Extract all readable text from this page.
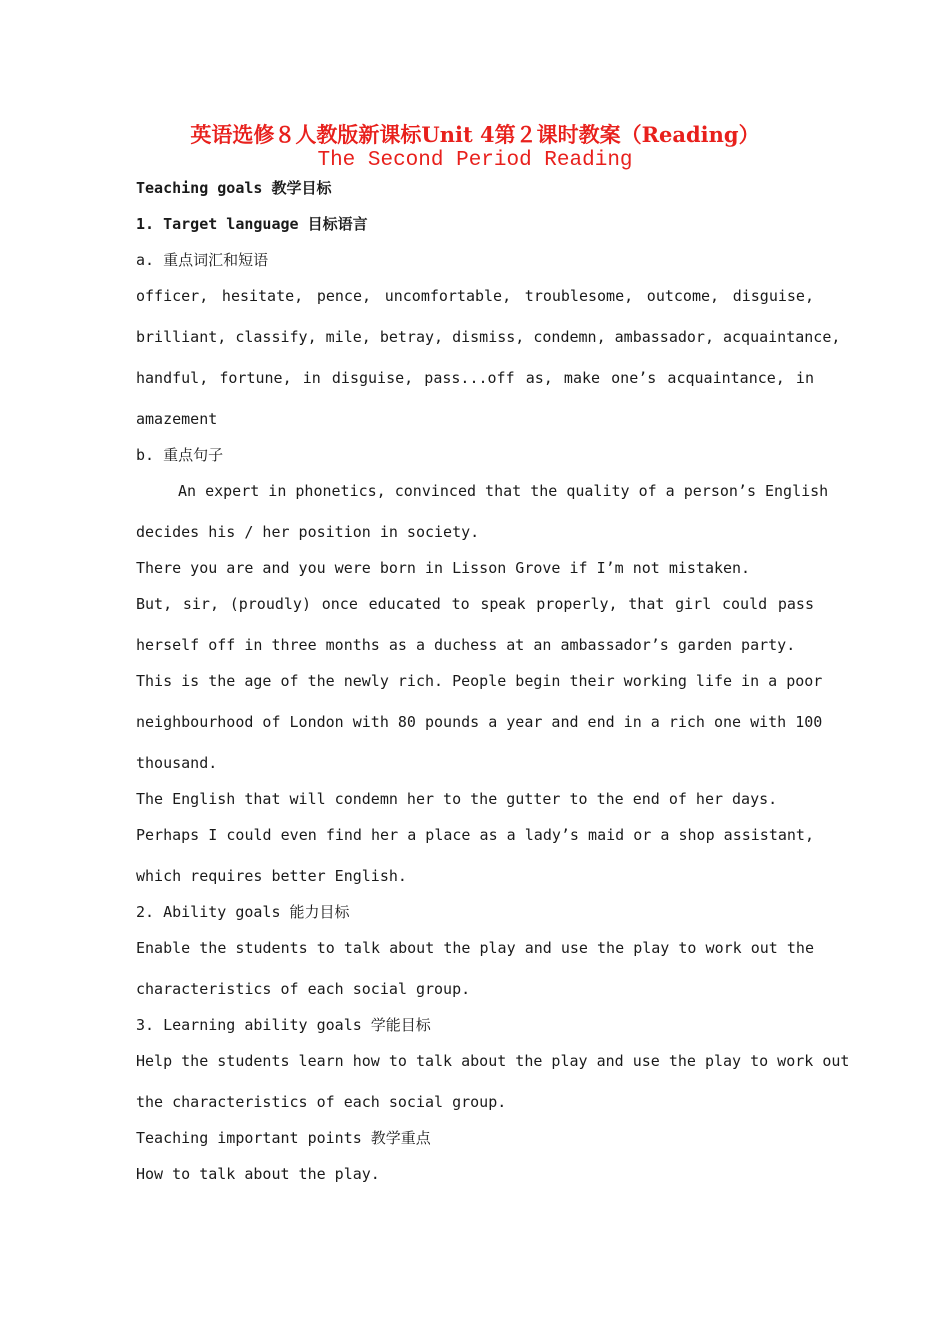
英语选修８人教版新课标Unit 4第２课时教案（Reading）
The Second Period Reading
Teaching goals 教学目标
1. Target language 目标语言
a. 重点词汇和短语
officer, hesitate, pence, uncomfortable, troublesome, outcome, disguise,
brilliant, classify, mile, betray, dismiss, condemn, ambassador, acquaintance,
handful, fortune, in disguise, pass...off as, make one’s acquaintance, in
amazement
b. 重点句子
An expert in phonetics, convinced that the quality of a person’s English
decides his / her position in society.
There you are and you were born in Lisson Grove if I’m not mistaken.
But, sir, (proudly) once educated to speak properly, that girl could pass
herself off in three months as a duchess at an ambassador’s garden party.
This is the age of the newly rich. People begin their working life in a poor
neighbourhood of London with 80 pounds a year and end in a rich one with 100
thousand.
The English that will condemn her to the gutter to the end of her days.
Perhaps I could even find her a place as a lady’s maid or a shop assistant,
which requires better English.
2. Ability goals 能力目标
Enable the students to talk about the play and use the play to work out the
characteristics of each social group.
3. Learning ability goals 学能目标
Help the students learn how to talk about the play and use the play to work out
the characteristics of each social group.
Teaching important points 教学重点
How to talk about the play.
